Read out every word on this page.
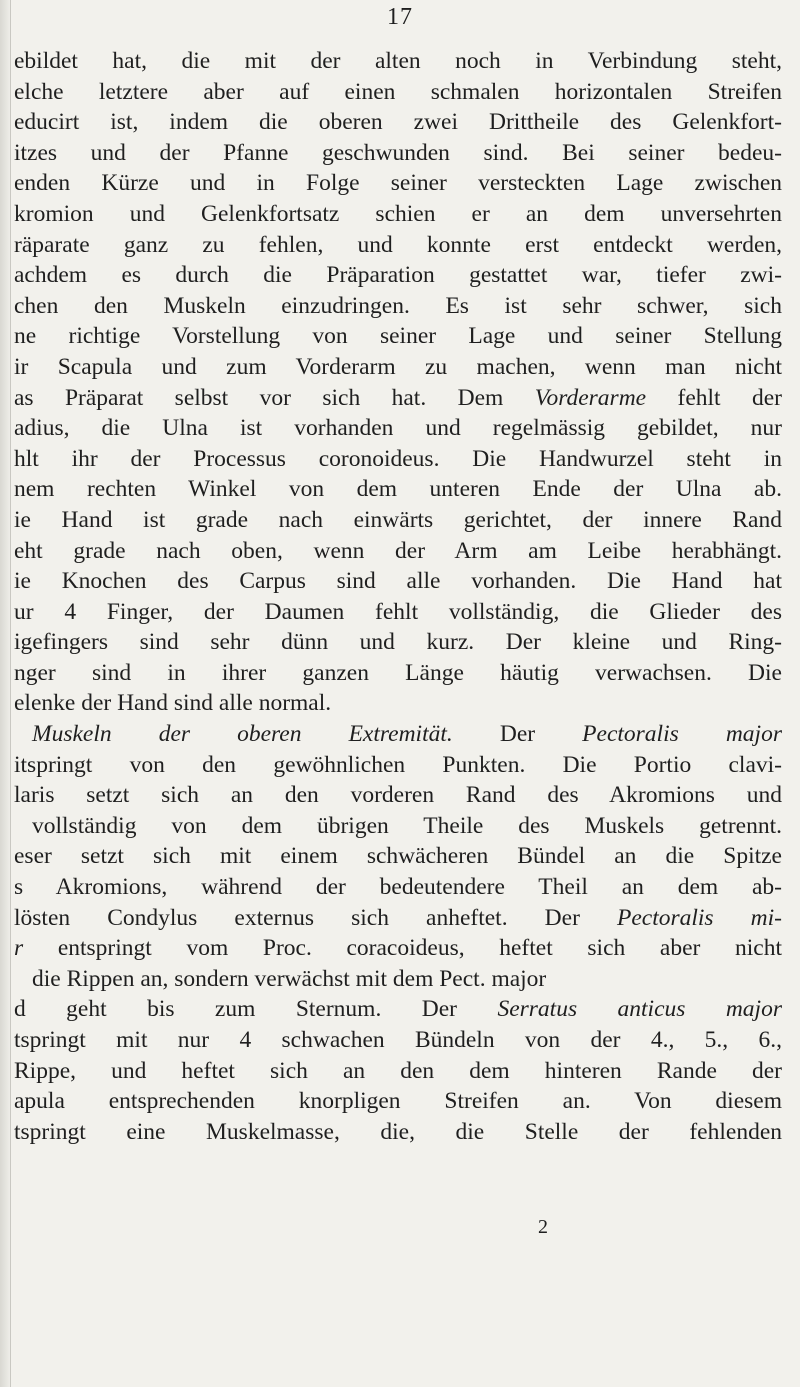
17
ebildet hat, die mit der alten noch in Verbindung steht,
elche letztere aber auf einen schmalen horizontalen Streifen
educirt ist, indem die oberen zwei Drittheile des Gelenkfort-
itzes und der Pfanne geschwunden sind. Bei seiner bedeu-
enden Kürze und in Folge seiner versteckten Lage zwischen
kromion und Gelenkfortsatz schien er an dem unversehrten
räparate ganz zu fehlen, und konnte erst entdeckt werden,
achdem es durch die Präparation gestattet war, tiefer zwi-
chen den Muskeln einzudringen. Es ist sehr schwer, sich
ne richtige Vorstellung von seiner Lage und seiner Stellung
ir Scapula und zum Vorderarm zu machen, wenn man nicht
as Präparat selbst vor sich hat. Dem Vorderarme fehlt der
adius, die Ulna ist vorhanden und regelmässig gebildet, nur
hlt ihr der Processus coronoideus. Die Handwurzel steht in
nem rechten Winkel von dem unteren Ende der Ulna ab.
ie Hand ist grade nach einwärts gerichtet, der innere Rand
eht grade nach oben, wenn der Arm am Leibe herabhängt.
ie Knochen des Carpus sind alle vorhanden. Die Hand hat
ur 4 Finger, der Daumen fehlt vollständig, die Glieder des
igefingers sind sehr dünn und kurz. Der kleine und Ring-
nger sind in ihrer ganzen Länge häutig verwachsen. Die
elenke der Hand sind alle normal.
Muskeln der oberen Extremität. Der Pectoralis major
itspringt von den gewöhnlichen Punkten. Die Portio clavi-
laris setzt sich an den vorderen Rand des Akromions und
vollständig von dem übrigen Theile des Muskels getrennt.
eser setzt sich mit einem schwächeren Bündel an die Spitze
s Akromions, während der bedeutendere Theil an dem ab-
lösten Condylus externus sich anheftet. Der Pectoralis mi-
r entspringt vom Proc. coracoideus, heftet sich aber nicht
die Rippen an, sondern verwächst mit dem Pect. major
d geht bis zum Sternum. Der Serratus anticus major
tspringt mit nur 4 schwachen Bündeln von der 4., 5., 6.,
Rippe, und heftet sich an den dem hinteren Rande der
apula entsprechenden knorpligen Streifen an. Von diesem
tspringt eine Muskelmasse, die, die Stelle der fehlenden
2
